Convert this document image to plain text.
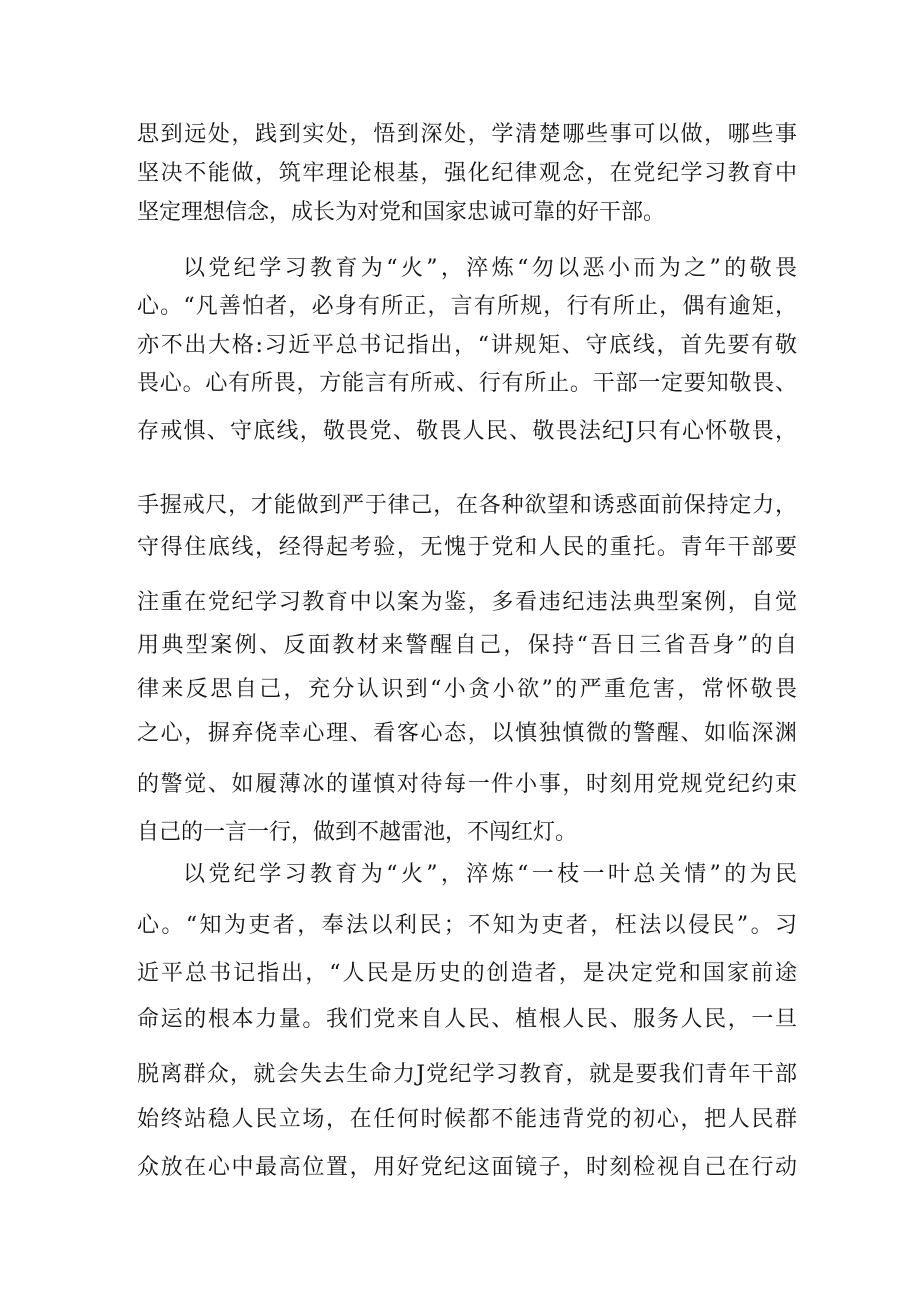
思到远处，践到实处，悟到深处，学清楚哪些事可以做，哪些事
坚决不能做，筑牢理论根基，强化纪律观念，在党纪学习教育中
坚定理想信念，成长为对党和国家忠诚可靠的好干部。
以党纪学习教育为“火”，淬炼“勿以恶小而为之”的敬畏
心。“凡善怕者，必身有所正，言有所规，行有所止，偶有逾矩，
亦不出大格:习近平总书记指出，“讲规矩、守底线，首先要有敬
畏心。心有所畏，方能言有所戒、行有所止。干部一定要知敬畏、
存戒惧、守底线，敬畏党、敬畏人民、敬畏法纪J只有心怀敬畏，
手握戒尺，才能做到严于律己，在各种欲望和诱惑面前保持定力，
守得住底线，经得起考验，无愧于党和人民的重托。青年干部要
注重在党纪学习教育中以案为鉴，多看违纪违法典型案例，自觉
用典型案例、反面教材来警醒自己，保持“吾日三省吾身”的自
律来反思自己，充分认识到“小贪小欲”的严重危害，常怀敬畏
之心，摒弃侥幸心理、看客心态，以慎独慎微的警醒、如临深渊
的警觉、如履薄冰的谨慎对待每一件小事，时刻用党规党纪约束
自己的一言一行，做到不越雷池，不闯红灯。
以党纪学习教育为“火”，淬炼“一枝一叶总关情”的为民
心。“知为吏者，奉法以利民；不知为吏者，枉法以侵民”。习
近平总书记指出，“人民是历史的创造者，是决定党和国家前途
命运的根本力量。我们党来自人民、植根人民、服务人民，一旦
脱离群众，就会失去生命力J党纪学习教育，就是要我们青年干部
始终站稳人民立场，在任何时候都不能违背党的初心，把人民群
众放在心中最高位置，用好党纪这面镜子，时刻检视自己在行动
